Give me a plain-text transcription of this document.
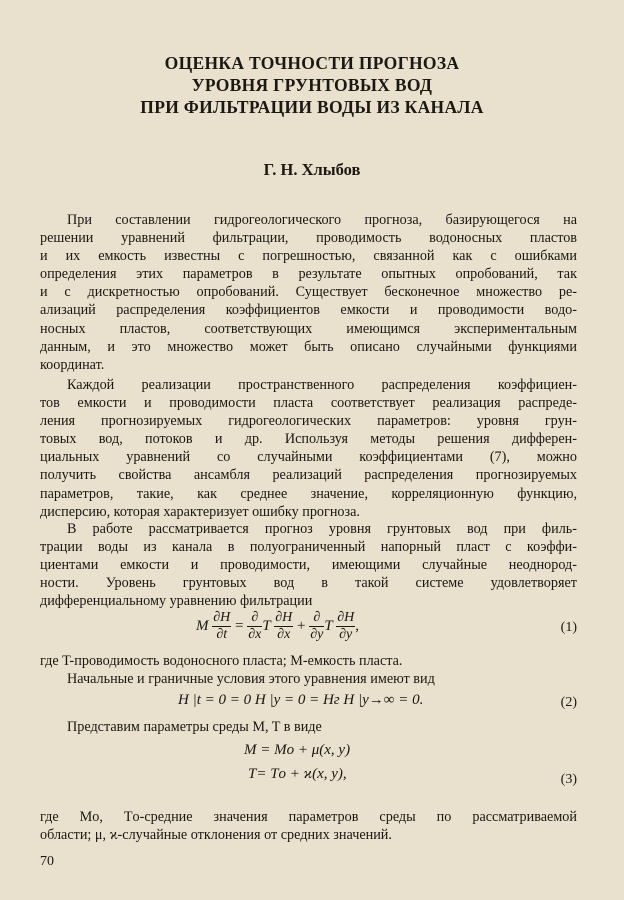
ОЦЕНКА ТОЧНОСТИ ПРОГНОЗА
УРОВНЯ ГРУНТОВЫХ ВОД
ПРИ ФИЛЬТРАЦИИ ВОДЫ ИЗ КАНАЛА
Г. Н. Хлыбов
При составлении гидрогеологического прогноза, базирующегося на
решении уравнений фильтрации, проводимость водоносных пластов
и их емкость известны с погрешностью, связанной как с ошибками
определения этих параметров в результате опытных опробований, так
и с дискретностью опробований. Существует бесконечное множество ре-
ализаций распределения коэффициентов емкости и проводимости водо-
носных пластов, соответствующих имеющимся экспериментальным
данным, и это множество может быть описано случайными функциями
координат.
Каждой реализации пространственного распределения коэффициен-
тов емкости и проводимости пласта соответствует реализация распреде-
ления прогнозируемых гидрогеологических параметров: уровня грун-
товых вод, потоков и др. Используя методы решения дифферен-
циальных уравнений со случайными коэффициентами (7), можно
получить свойства ансамбля реализаций распределения прогнозируемых
параметров, такие, как среднее значение, корреляционную функцию,
дисперсию, которая характеризует ошибку прогноза.
В работе рассматривается прогноз уровня грунтовых вод при филь-
трации воды из канала в полуограниченный напорный пласт с коэффи-
циентами емкости и проводимости, имеющими случайные неоднород-
ности. Уровень грунтовых вод в такой системе удовлетворяет
дифференциальному уравнению фильтрации
M $\frac{\partial H}{\partial t} = \frac{\partial}{\partial x}$ T $\frac{\partial H}{\partial x} + \frac{\partial}{\partial y}$ T $\frac{\partial H}{\partial y}$ ,	(1)
где T-проводимость водоносного пласта; M-емкость пласта.
Начальные и граничные условия этого уравнения имеют вид
H |t = 0 = 0 H |y = 0 = Hг H |y→∞ = 0.	(2)
Представим параметры среды M, T в виде
M = Mо + μ(x, y)
T= Tо + ϰ(x, y),	(3)
где Mо, Tо-средние значения параметров среды по рассматриваемой
области; μ, ϰ-случайные отклонения от средних значений.
70
